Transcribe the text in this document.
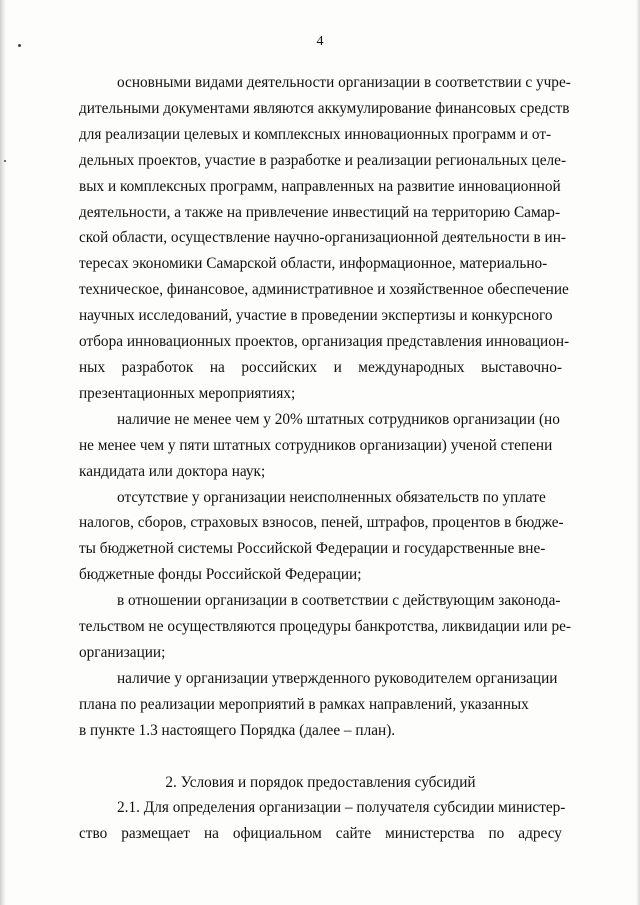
4
основными видами деятельности организации в соответствии с учре-
дительными документами являются аккумулирование финансовых средств
для реализации целевых и комплексных инновационных программ и от-
дельных проектов, участие в разработке и реализации региональных целе-
вых и комплексных программ, направленных на развитие инновационной
деятельности, а также на привлечение инвестиций на территорию Самар-
ской области, осуществление научно-организационной деятельности в ин-
тересах экономики Самарской области, информационное, материально-
техническое, финансовое, административное и хозяйственное обеспечение
научных исследований, участие в проведении экспертизы и конкурсного
отбора инновационных проектов, организация представления инновацион-
ных разработок на российских и международных выставочно-
презентационных мероприятиях;
наличие не менее чем у 20% штатных сотрудников организации (но
не менее чем у пяти штатных сотрудников организации) ученой степени
кандидата или доктора наук;
отсутствие у организации неисполненных обязательств по уплате
налогов, сборов, страховых взносов, пеней, штрафов, процентов в бюдже-
ты бюджетной системы Российской Федерации и государственные вне-
бюджетные фонды Российской Федерации;
в отношении организации в соответствии с действующим законода-
тельством не осуществляются процедуры банкротства, ликвидации или ре-
организации;
наличие у организации утвержденного руководителем организации
плана по реализации мероприятий в рамках направлений, указанных
в пункте 1.3 настоящего Порядка (далее – план).
2. Условия и порядок предоставления субсидий
2.1. Для определения организации – получателя субсидии министер-
ство размещает на официальном сайте министерства по адресу
